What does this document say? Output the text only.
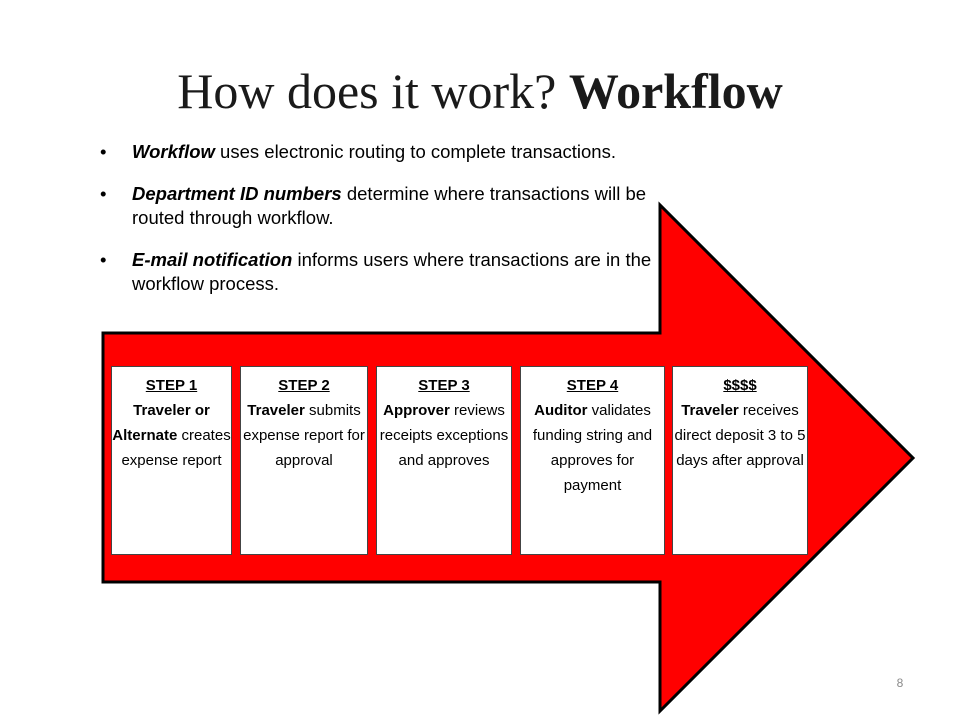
How does it work? Workflow
• Workflow uses electronic routing to complete transactions.
• Department ID numbers determine where transactions will be routed through workflow.
• E-mail notification informs users where transactions are in the workflow process.
STEP 1
Traveler or Alternate creates expense report
STEP 2
Traveler submits expense report for approval
STEP 3
Approver reviews receipts exceptions and approves
STEP 4
Auditor validates funding string and approves for payment
$$$$
Traveler receives direct deposit 3 to 5 days after approval
8
